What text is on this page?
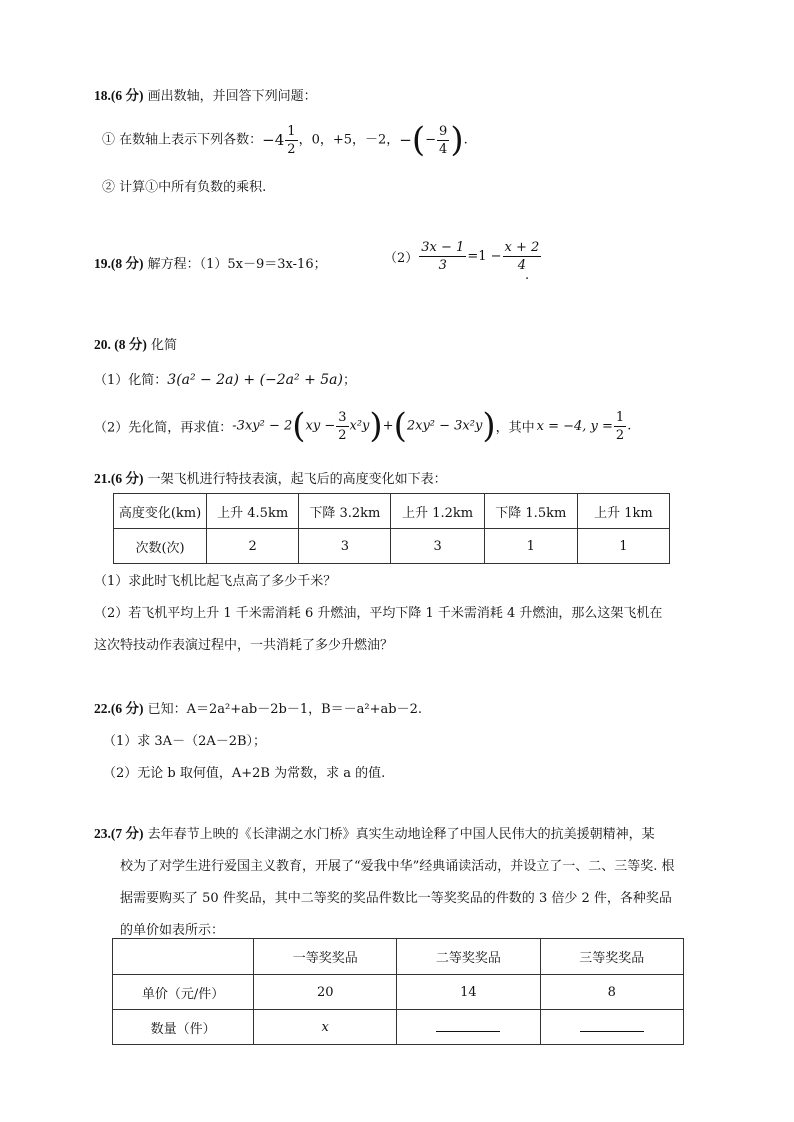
18.(6 分) 画出数轴，并回答下列问题：
① 在数轴上表示下列各数：$-4 \frac{1}{2}$ ，0，+5，－2，−(− $\frac{9}{4}$ ).
② 计算①中所有负数的乘积.
19.(8 分) 解方程：（1）5x－9＝3x-16；	$(2) \frac{3x - 1}{3} =1 - \frac{x + 2}{4}$
.
20. (8 分) 化简
（1）化简：3(a² − 2a) + (−2a² + 5a)；
（2）先化简，再求值：$-3xy^2 - 2(xy - \frac{3}{2} x^2y)+(2xy^2 - 3x^2y)$，其中 x = −4, $y = \frac{1}{2}$ .
21.(6 分) 一架飞机进行特技表演，起飞后的高度变化如下表：
高度变化(km)	上升 4.5km	下降 3.2km	上升 1.2km	下降 1.5km	上升 1km
次数(次)	2	3	3	1	1
（1）求此时飞机比起飞点高了多少千米？
（2）若飞机平均上升 1 千米需消耗 6 升燃油，平均下降 1 千米需消耗 4 升燃油，那么这架飞机在
这次特技动作表演过程中，一共消耗了多少升燃油？
22.(6 分) 已知：A＝2a²+ab－2b－1，B＝－a²+ab－2.
（1）求 3A－（2A－2B）；
（2）无论 b 取何值，A+2B 为常数，求 a 的值.
23.(7 分) 去年春节上映的《长津湖之水门桥》真实生动地诠释了中国人民伟大的抗美援朝精神，某
校为了对学生进行爱国主义教育，开展了“爱我中华”经典诵读活动，并设立了一、二、三等奖. 根
据需要购买了 50 件奖品，其中二等奖的奖品件数比一等奖奖品的件数的 3 倍少 2 件，各种奖品
的单价如表所示：
	一等奖奖品	二等奖奖品	三等奖奖品
单价（元/件）	20	14	8
数量（件）	x		
